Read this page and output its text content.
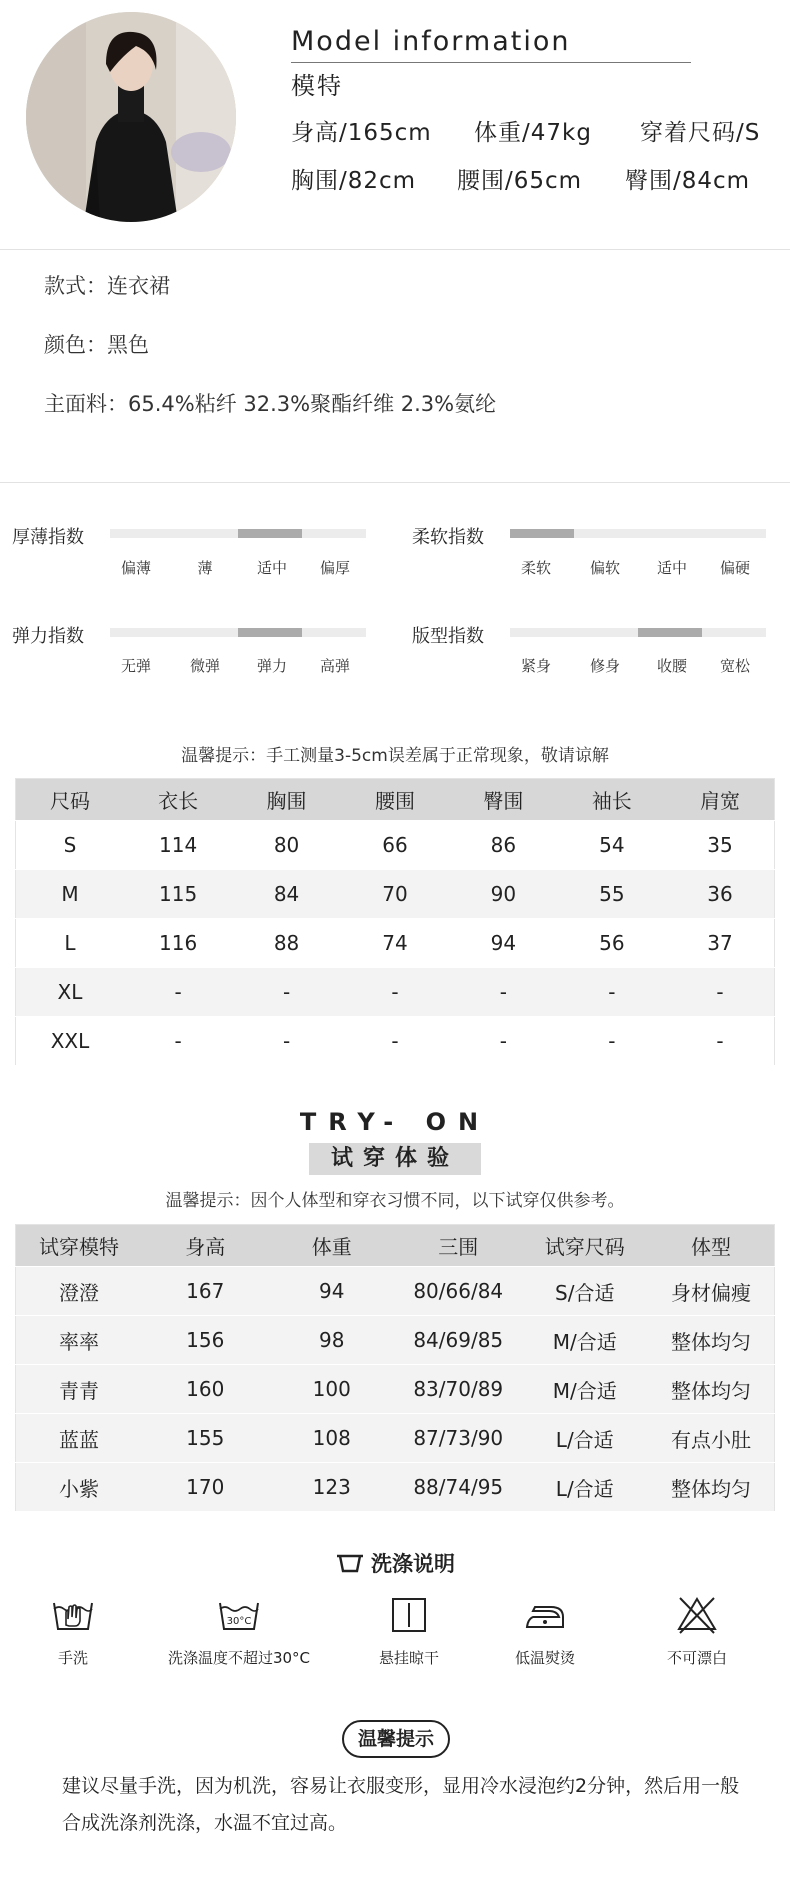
Model information
模特
身高/165cm 体重/47kg 穿着尺码/S
胸围/82cm 腰围/65cm 臀围/84cm
款式：连衣裙
颜色：黑色
主面料：65.4%粘纤 32.3%聚酯纤维 2.3%氨纶
厚薄指数
偏薄	薄	适中 偏厚
柔软指数
柔软	偏软 适中 偏硬
弹力指数
无弹	微弹 弹力 高弹
版型指数
紧身	修身 收腰 宽松
温馨提示：手工测量3-5cm误差属于正常现象，敬请谅解
尺码	衣长	胸围	腰围	臀围	袖长	肩宽
S	114	80	66	86	54	35
M	115	84	70	90	55	36
L	116	88	74	94	56	37
XL	-	-	-	-	-	-
XXL	-	-	-	-	-	-
TRY- ON
试穿体验
温馨提示：因个人体型和穿衣习惯不同，以下试穿仅供参考。
试穿模特	身高	体重	三围	试穿尺码	体型
澄澄	167	94	80/66/84	S/合适	身材偏瘦
率率	156	98	84/69/85	M/合适	整体均匀
青青	160	100	83/70/89	M/合适	整体均匀
蓝蓝	155	108	87/73/90	L/合适	有点小肚
小紫	170	123	88/74/95	L/合适	整体均匀
洗涤说明
手洗
30°C
洗涤温度不超过30°C	悬挂晾干	低温熨烫	不可漂白
温馨提示
建议尽量手洗，因为机洗，容易让衣服变形，显用冷水浸泡约2分钟，然后用一般合成洗涤剂洗涤，水温不宜过高。
